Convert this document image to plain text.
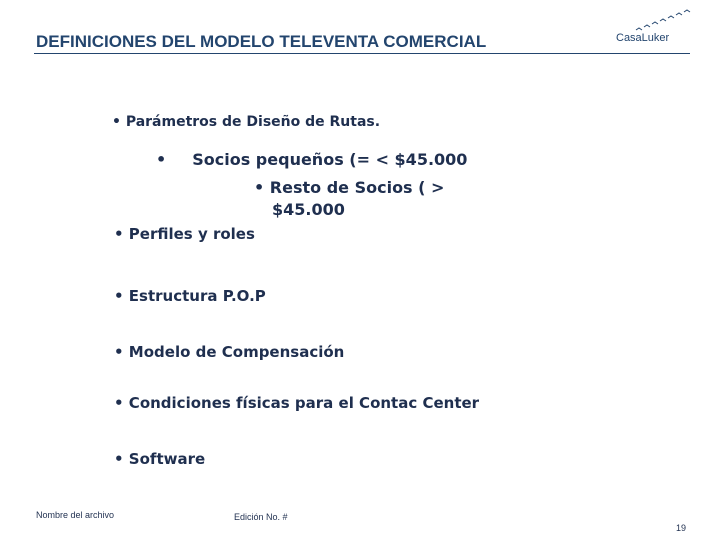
DEFINICIONES DEL MODELO TELEVENTA COMERCIAL	CasaLuker
• Parámetros de Diseño de Rutas.
• Socios pequeños (= < $45.000
• Resto de Socios ( >
$45.000
• Perfiles y roles
• Estructura P.O.P
• Modelo de Compensación
• Condiciones físicas para el Contac Center
• Software
Nombre del archivo	Edición No. #
19
